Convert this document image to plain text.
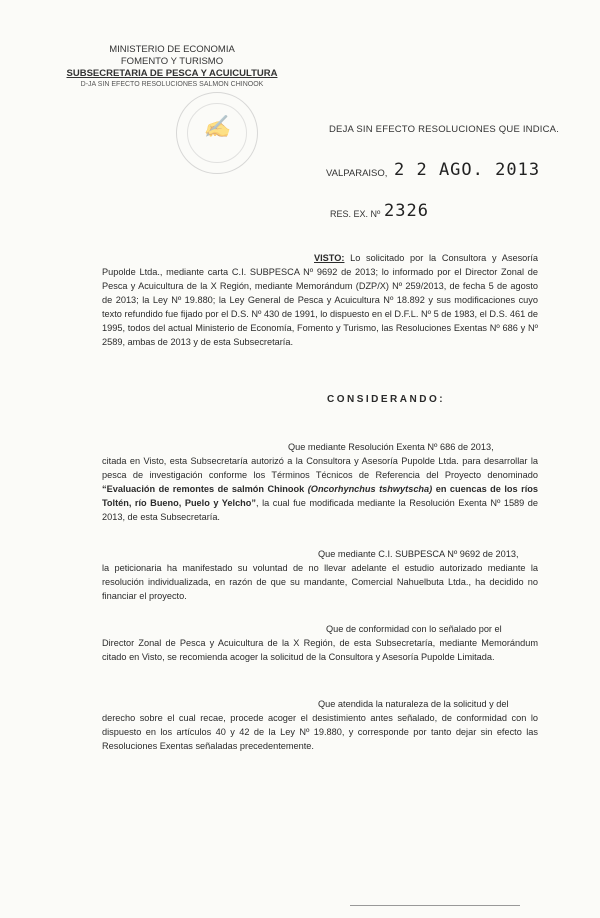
MINISTERIO DE ECONOMIA
FOMENTO Y TURISMO
SUBSECRETARIA DE PESCA Y ACUICULTURA
D-JA SIN EFECTO RESOLUCIONES SALMON CHINOOK
✍	DEJA SIN EFECTO RESOLUCIONES QUE INDICA.
VALPARAISO, 2 2 AGO. 2013
RES. EX. Nº 2326
VISTO: Lo solicitado por la Consultora y Asesoría Pupolde Ltda., mediante carta C.I. SUBPESCA Nº 9692 de 2013; lo informado por el Director Zonal de Pesca y Acuicultura de la X Región, mediante Memorándum (DZP/X) Nº 259/2013, de fecha 5 de agosto de 2013; la Ley Nº 19.880; la Ley General de Pesca y Acuicultura Nº 18.892 y sus modificaciones cuyo texto refundido fue fijado por el D.S. Nº 430 de 1991, lo dispuesto en el D.F.L. Nº 5 de 1983, el D.S. 461 de 1995, todos del actual Ministerio de Economía, Fomento y Turismo, las Resoluciones Exentas Nº 686 y Nº 2589, ambas de 2013 y de esta Subsecretaría.
CONSIDERANDO:
Que mediante Resolución Exenta Nº 686 de 2013,
citada en Visto, esta Subsecretaría autorizó a la Consultora y Asesoría Pupolde Ltda. para desarrollar la pesca de investigación conforme los Términos Técnicos de Referencia del Proyecto denominado “Evaluación de remontes de salmón Chinook (Oncorhynchus tshwytscha) en cuencas de los ríos Toltén, río Bueno, Puelo y Yelcho”, la cual fue modificada mediante la Resolución Exenta Nº 1589 de 2013, de esta Subsecretaría.
Que mediante C.I. SUBPESCA Nº 9692 de 2013,
la peticionaria ha manifestado su voluntad de no llevar adelante el estudio autorizado mediante la resolución individualizada, en razón de que su mandante, Comercial Nahuelbuta Ltda., ha decidido no financiar el proyecto.
Que de conformidad con lo señalado por el
Director Zonal de Pesca y Acuicultura de la X Región, de esta Subsecretaría, mediante Memorándum citado en Visto, se recomienda acoger la solicitud de la Consultora y Asesoría Pupolde Limitada.
Que atendida la naturaleza de la solicitud y del
derecho sobre el cual recae, procede acoger el desistimiento antes señalado, de conformidad con lo dispuesto en los artículos 40 y 42 de la Ley Nº 19.880, y corresponde por tanto dejar sin efecto las Resoluciones Exentas señaladas precedentemente.
